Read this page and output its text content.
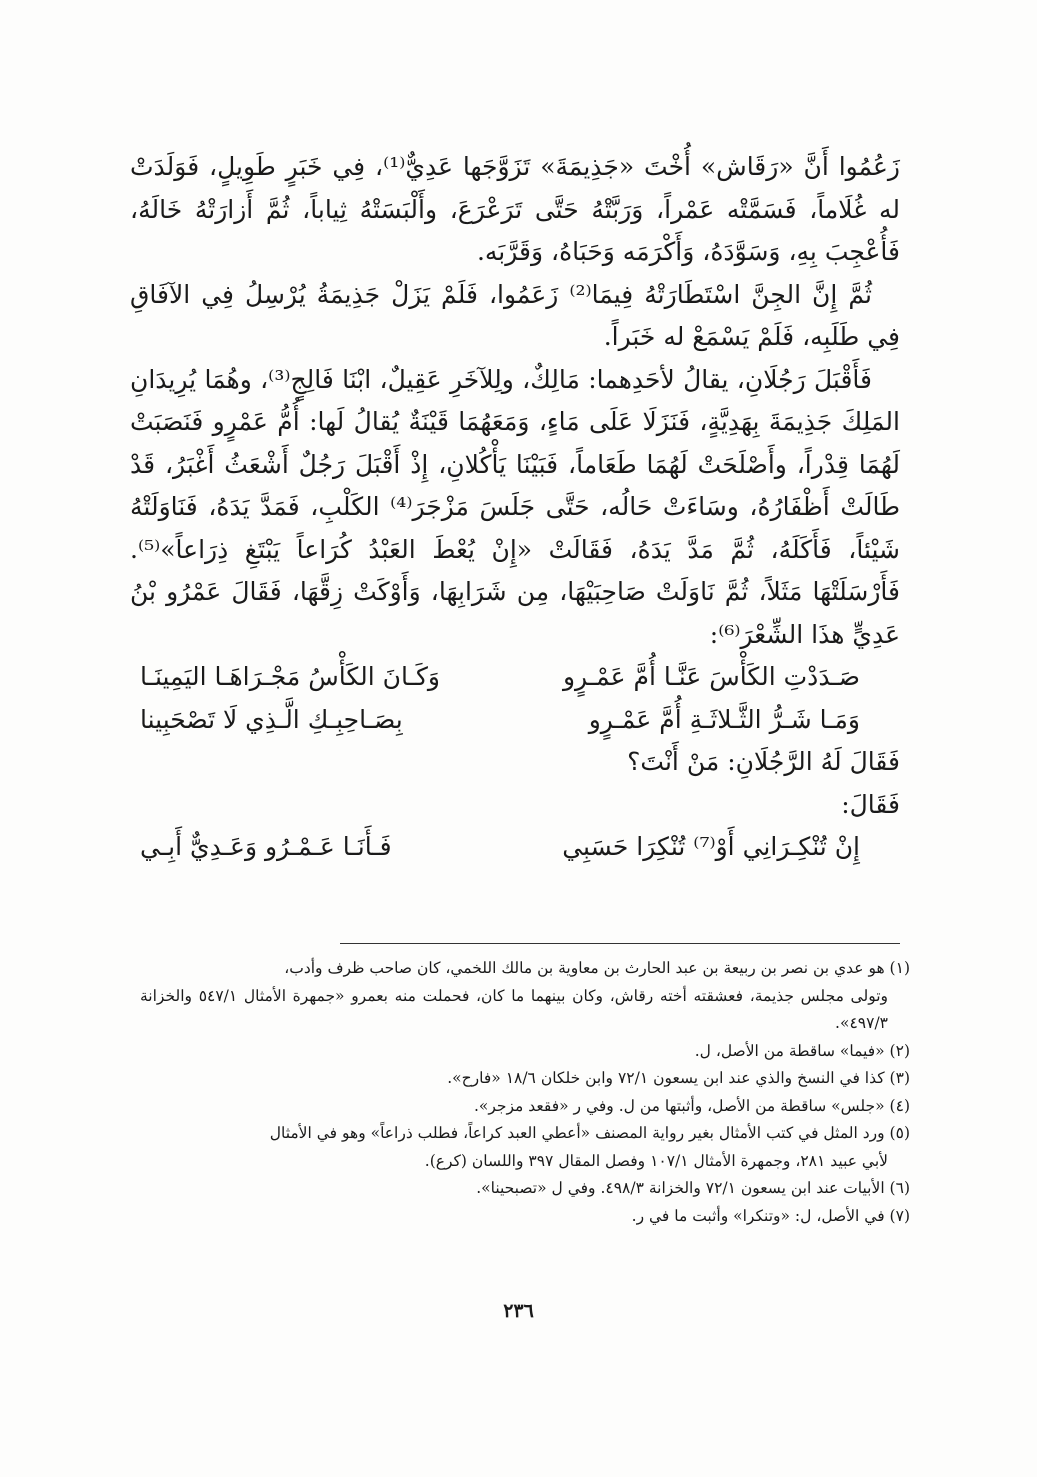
زَعُمُوا أَنَّ «رَقَاش» أُخْتَ «جَذِيمَةَ» تَزَوَّجَها عَدِيٌّ⁽¹⁾، فِي خَبَرٍ طَوِيلٍ، فَوَلَدَتْ له غُلَاماً، فَسَمَّتْه عَمْراً، وَرَبَّتْهُ حَتَّى تَرَعْرَعَ، وأَلْبَسَتْهُ ثِياباً، ثُمَّ أَزارَتْهُ خَالَهُ، فَأُعْجِبَ بِهِ، وَسَوَّدَهُ، وَأَكْرَمَه وَحَبَاهُ، وَقَرَّبَه.

ثُمَّ إِنَّ الجِنَّ اسْتَطَارَتْهُ فِيمَا⁽²⁾ زَعَمُوا، فَلَمْ يَزَلْ جَذِيمَةُ يُرْسِلُ فِي الآفَاقِ فِي طَلَبِه، فَلَمْ يَسْمَعْ له خَبَراً.

فَأَقْبَلَ رَجُلَانِ، يقالُ لأحَدِهما: مَالِكٌ، ولِلآخَرِ عَقِيلٌ، ابْنَا فَالِجٍ⁽³⁾، وهُمَا يُرِيدَانِ المَلِكَ جَذِيمَةَ بِهَدِيَّةٍ، فَنَزَلَا عَلَى مَاءٍ، وَمَعَهُمَا قَيْنَةٌ يُقالُ لَها: أُمُّ عَمْرٍو فَنَصَبَتْ لَهُمَا قِدْراً، وأَصْلَحَتْ لَهُمَا طَعَاماً، فَبَيْنَا يَأْكُلانِ، إِذْ أَقْبَلَ رَجُلٌ أَشْعَثُ أَغْبَرُ، قَدْ طَالَتْ أَظْفَارُهُ، وسَاءَتْ حَالُه، حَتَّى جَلَسَ مَزْجَرَ⁽⁴⁾ الكَلْبِ، فَمَدَّ يَدَهُ، فَنَاوَلَتْهُ شَيْئاً، فَأَكَلَهُ، ثُمَّ مَدَّ يَدَهُ، فَقَالَتْ «إِنْ يُعْطَ العَبْدُ كُرَاعاً يَبْتَغِ ذِرَاعاً»⁽⁵⁾. فَأَرْسَلَتْهَا مَثَلاً، ثُمَّ نَاوَلَتْ صَاحِبَيْهَا، مِن شَرَابِهَا، وَأَوْكَتْ زِقَّهَا، فَقَالَ عَمْرُو بْنُ عَدِيٍّ هذَا الشِّعْرَ⁽⁶⁾:

صَـدَدْتِ الكَأْسَ عَنَّـا أُمَّ عَمْـرٍو
وَكَـانَ الكَأْسُ مَجْـرَاهَـا اليَمِينَـا
وَمَـا شَـرُّ الثَّـلاثَـةِ أُمَّ عَمْـرٍو
بِصَـاحِبِـكِ الَّـذِي لَا تَصْحَبِينا

فَقَالَ لَهُ الرَّجُلَانِ: مَنْ أَنْتَ؟

فَقَالَ:

إِنْ تُنْكِـرَانِي أَوْ⁽⁷⁾ تُنْكِرَا حَسَبِي
فَـأَنَـا عَـمْـرُو وَعَـدِيٌّ أَبِـي
(١) هو عدي بن نصر بن ربيعة بن عبد الحارث بن معاوية بن مالك اللخمي، كان صاحب ظرف وأدب،
وتولى مجلس جذيمة، فعشقته أخته رقاش، وكان بينهما ما كان، فحملت منه بعمرو «جمهرة الأمثال ٥٤٧/١ والخزانة ٤٩٧/٣».
(٢) «فيما» ساقطة من الأصل، ل.
(٣) كذا في النسخ والذي عند ابن يسعون ٧٢/١ وابن خلكان ١٨/٦ «فارح».
(٤) «جلس» ساقطة من الأصل، وأثبتها من ل. وفي ر «فقعد مزجر».
(٥) ورد المثل في كتب الأمثال بغير رواية المصنف «أعطي العبد كراعاً، فطلب ذراعاً» وهو في الأمثال
لأبي عبيد ٢٨١، وجمهرة الأمثال ١٠٧/١ وفصل المقال ٣٩٧ واللسان (كرع).
(٦) الأبيات عند ابن يسعون ٧٢/١ والخزانة ٤٩٨/٣. وفي ل «تصبحينا».
(٧) في الأصل، ل: «وتنكرا» وأثبت ما في ر.
٢٣٦
